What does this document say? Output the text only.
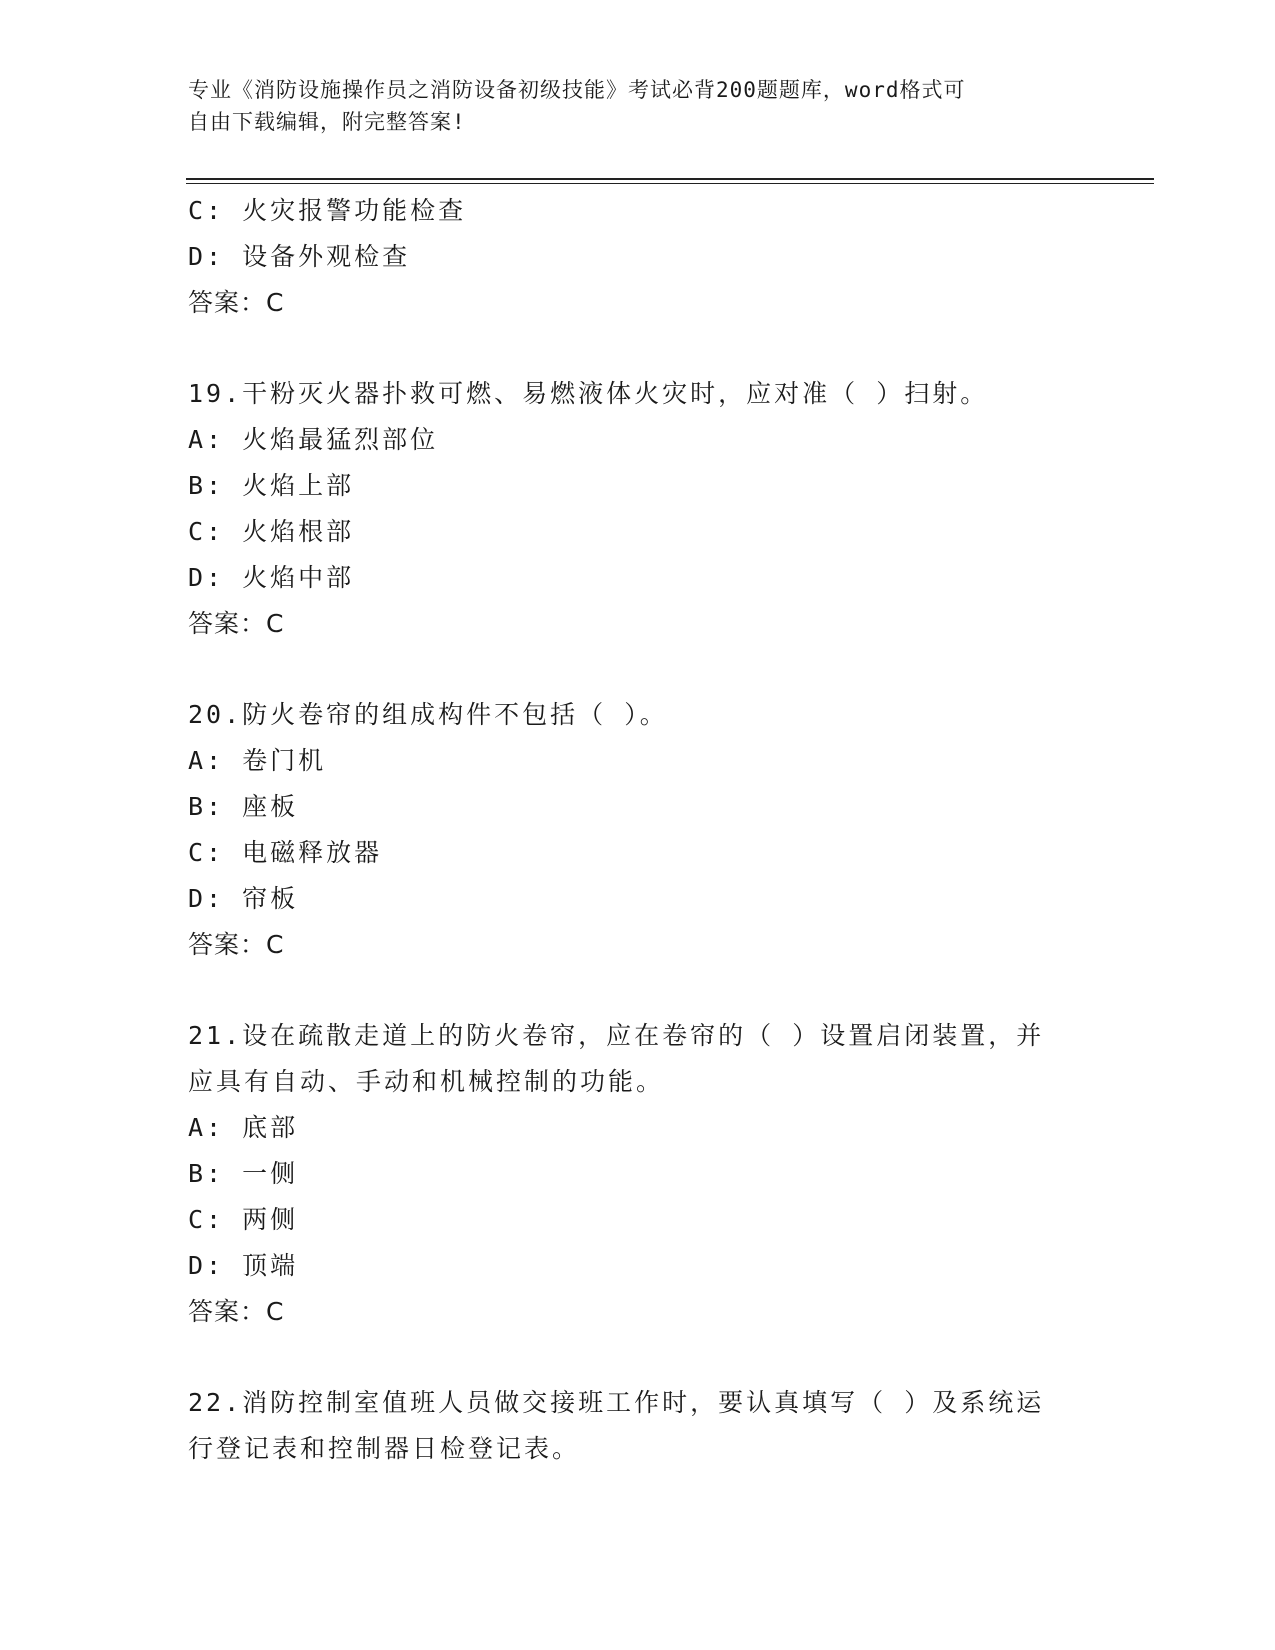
专业《消防设施操作员之消防设备初级技能》考试必背200题题库，word格式可
自由下载编辑，附完整答案!
C: 火灾报警功能检查
D: 设备外观检查
答案：C
19.干粉灭火器扑救可燃、易燃液体火灾时，应对准（ ）扫射。
A: 火焰最猛烈部位
B: 火焰上部
C: 火焰根部
D: 火焰中部
答案：C
20.防火卷帘的组成构件不包括（ ）。
A: 卷门机
B: 座板
C: 电磁释放器
D: 帘板
答案：C
21.设在疏散走道上的防火卷帘，应在卷帘的（ ）设置启闭装置，并
应具有自动、手动和机械控制的功能。
A: 底部
B: 一侧
C: 两侧
D: 顶端
答案：C
22.消防控制室值班人员做交接班工作时，要认真填写（ ）及系统运
行登记表和控制器日检登记表。
